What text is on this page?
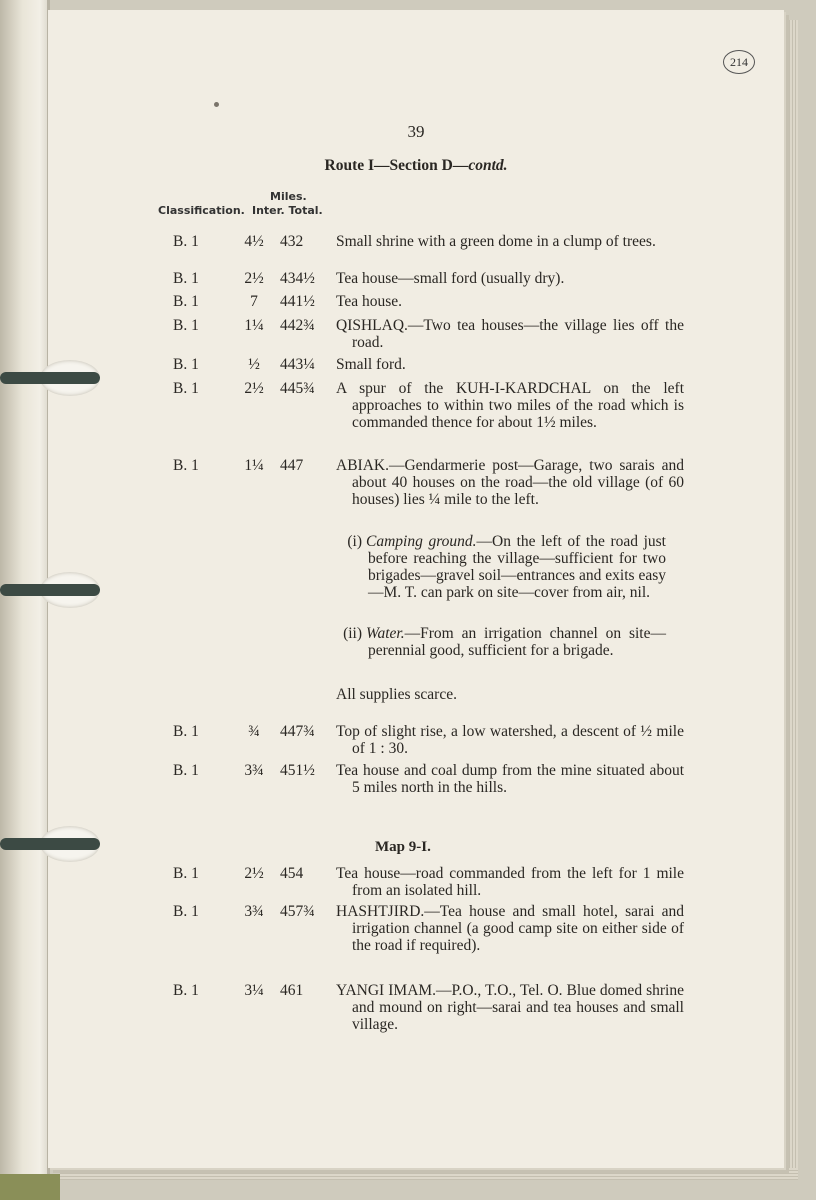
214
39
Route I—Section D—contd.
Miles.
Classification. Inter. Total.
B. 1	4½	432	Small shrine with a green dome in a clump of trees.
B. 1	2½	434½	Tea house—small ford (usually dry).
B. 1	7	441½	Tea house.
B. 1	1¼	442¾	QISHLAQ.—Two tea houses—the village lies off the road.
B. 1	½	443¼	Small ford.
B. 1	2½	445¾	A spur of the KUH-I-KARDCHAL on the left approaches to within two miles of the road which is commanded thence for about 1½ miles.
B. 1	1¼	447	ABIAK.—Gendarmerie post—Garage, two sarais and about 40 houses on the road—the old village (of 60 houses) lies ¼ mile to the left.
(i) Camping ground.—On the left of the road just before reaching the village—sufficient for two brigades—gravel soil—entrances and exits easy—M. T. can park on site—cover from air, nil.
(ii) Water.—From an irrigation channel on site—perennial good, sufficient for a brigade.
All supplies scarce.
B. 1	¾	447¾	Top of slight rise, a low watershed, a descent of ½ mile of 1 : 30.
B. 1	3¾	451½	Tea house and coal dump from the mine situated about 5 miles north in the hills.
Map 9-I.
B. 1	2½	454	Tea house—road commanded from the left for 1 mile from an isolated hill.
B. 1	3¾	457¾	HASHTJIRD.—Tea house and small hotel, sarai and irrigation channel (a good camp site on either side of the road if required).
B. 1	3¼	461	YANGI IMAM.—P.O., T.O., Tel. O. Blue domed shrine and mound on right—sarai and tea houses and small village.
